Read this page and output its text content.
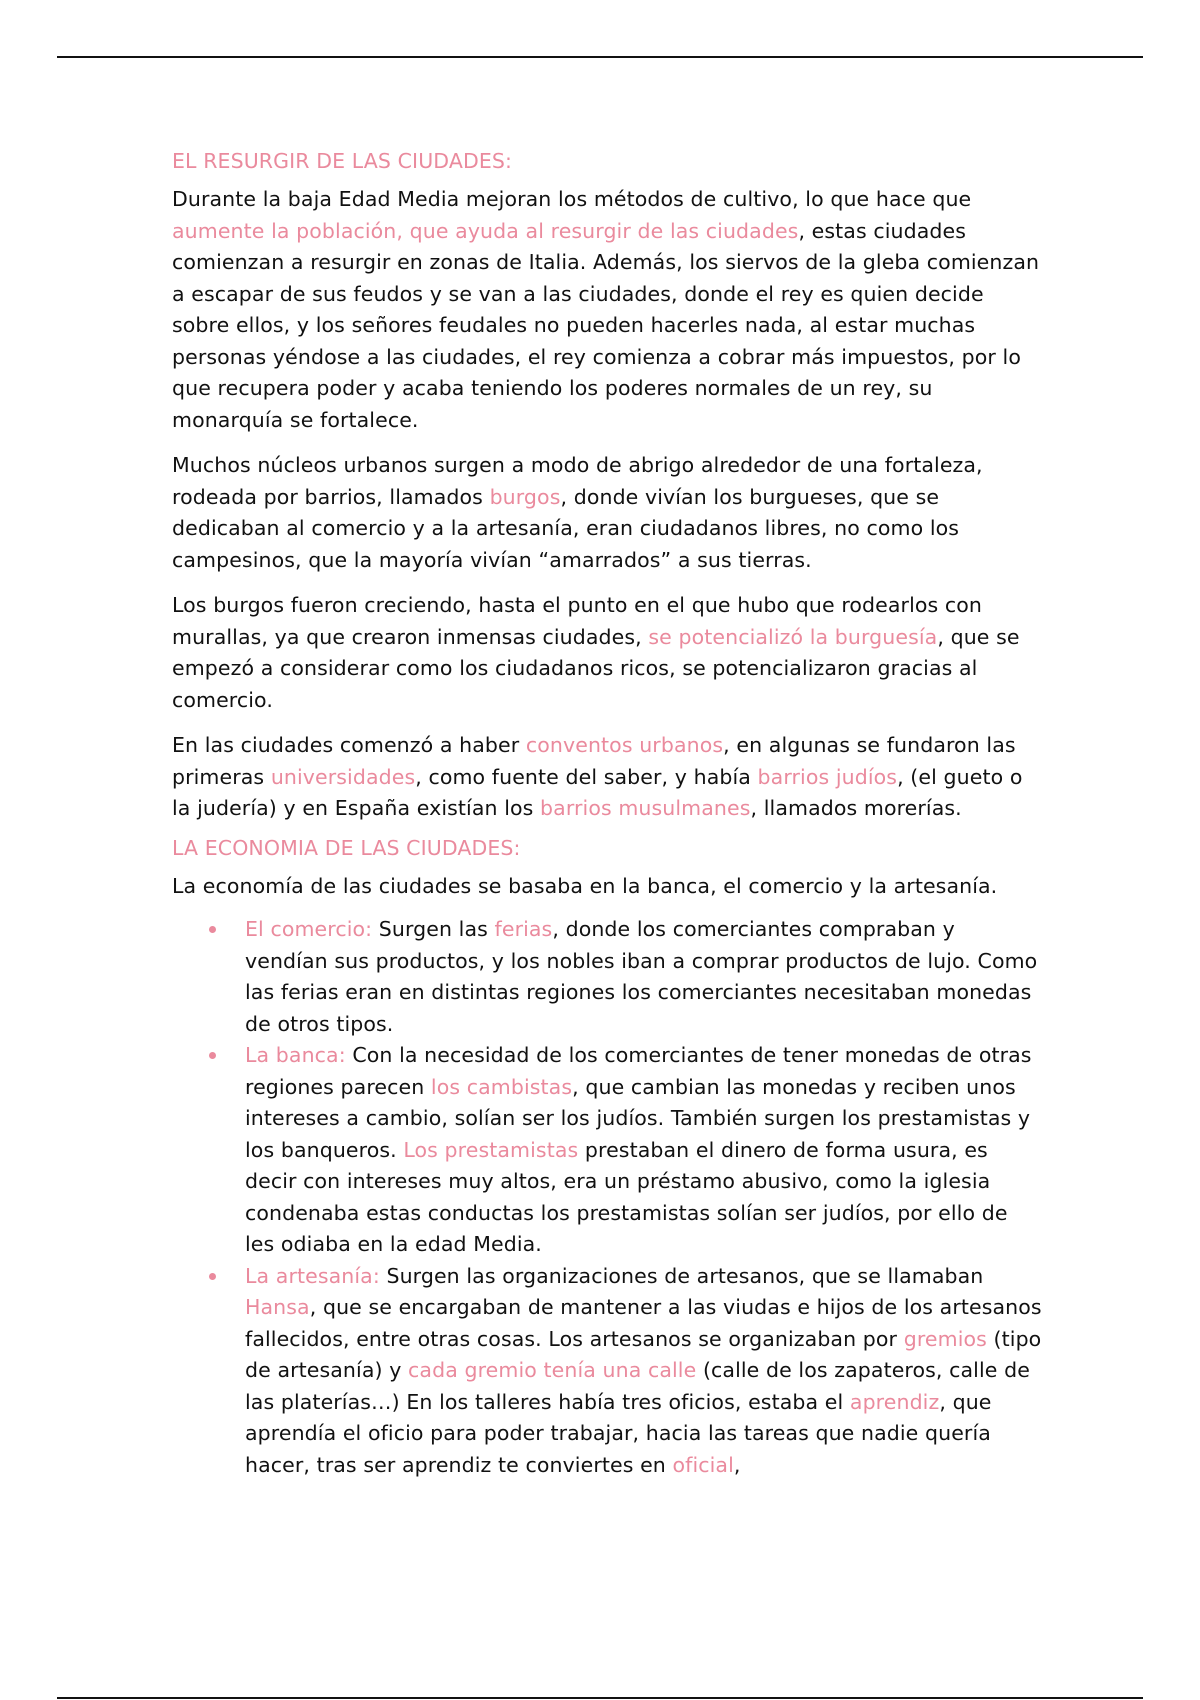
EL RESURGIR DE LAS CIUDADES:

Durante la baja Edad Media mejoran los métodos de cultivo, lo que hace que aumente la población, que ayuda al resurgir de las ciudades, estas ciudades comienzan a resurgir en zonas de Italia. Además, los siervos de la gleba comienzan a escapar de sus feudos y se van a las ciudades, donde el rey es quien decide sobre ellos, y los señores feudales no pueden hacerles nada, al estar muchas personas yéndose a las ciudades, el rey comienza a cobrar más impuestos, por lo que recupera poder y acaba teniendo los poderes normales de un rey, su monarquía se fortalece.

Muchos núcleos urbanos surgen a modo de abrigo alrededor de una fortaleza, rodeada por barrios, llamados burgos, donde vivían los burgueses, que se dedicaban al comercio y a la artesanía, eran ciudadanos libres, no como los campesinos, que la mayoría vivían “amarrados” a sus tierras.

Los burgos fueron creciendo, hasta el punto en el que hubo que rodearlos con murallas, ya que crearon inmensas ciudades, se potencializó la burguesía, que se empezó a considerar como los ciudadanos ricos, se potencializaron gracias al comercio.

En las ciudades comenzó a haber conventos urbanos, en algunas se fundaron las primeras universidades, como fuente del saber, y había barrios judíos, (el gueto o la judería) y en España existían los barrios musulmanes, llamados morerías.

LA ECONOMIA DE LAS CIUDADES:

La economía de las ciudades se basaba en la banca, el comercio y la artesanía.

El comercio: Surgen las ferias, donde los comerciantes compraban y vendían sus productos, y los nobles iban a comprar productos de lujo. Como las ferias eran en distintas regiones los comerciantes necesitaban monedas de otros tipos.
La banca: Con la necesidad de los comerciantes de tener monedas de otras regiones parecen los cambistas, que cambian las monedas y reciben unos intereses a cambio, solían ser los judíos. También surgen los prestamistas y los banqueros. Los prestamistas prestaban el dinero de forma usura, es decir con intereses muy altos, era un préstamo abusivo, como la iglesia condenaba estas conductas los prestamistas solían ser judíos, por ello de les odiaba en la edad Media.
La artesanía: Surgen las organizaciones de artesanos, que se llamaban Hansa, que se encargaban de mantener a las viudas e hijos de los artesanos fallecidos, entre otras cosas. Los artesanos se organizaban por gremios (tipo de artesanía) y cada gremio tenía una calle (calle de los zapateros, calle de las platerías…) En los talleres había tres oficios, estaba el aprendiz, que aprendía el oficio para poder trabajar, hacia las tareas que nadie quería hacer, tras ser aprendiz te conviertes en oficial,
